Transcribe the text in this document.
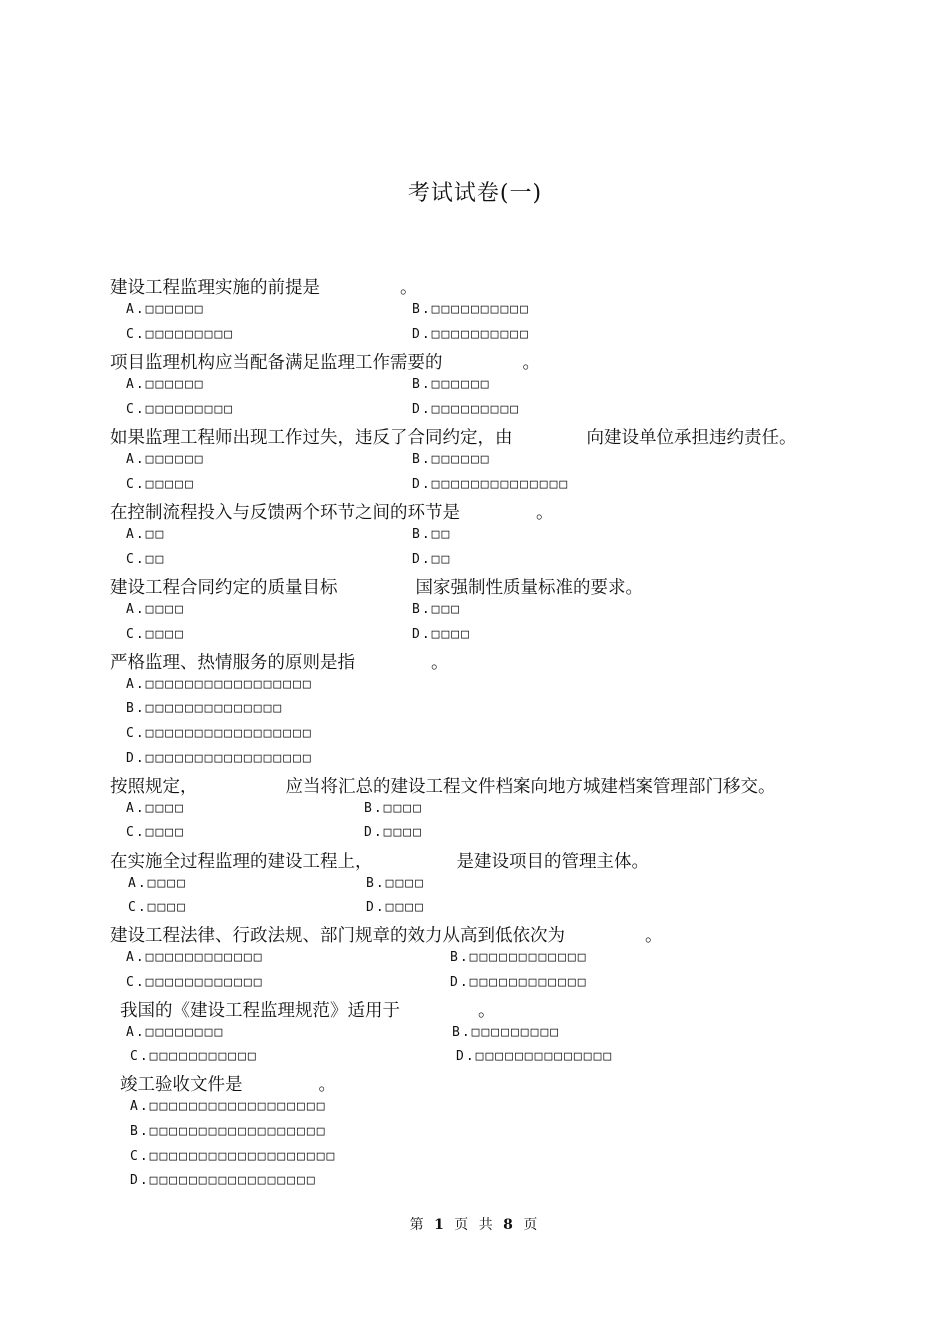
考试试卷(一)
建设工程监理实施的前提是	。
A.□□□□□□	B.□□□□□□□□□□
C.□□□□□□□□□	D.□□□□□□□□□□
项目监理机构应当配备满足监理工作需要的	。
A.□□□□□□	B.□□□□□□
C.□□□□□□□□□	D.□□□□□□□□□
如果监理工程师出现工作过失，违反了合同约定，由	向建设单位承担违约责任。
A.□□□□□□	B.□□□□□□
C.□□□□□	D.□□□□□□□□□□□□□□
在控制流程投入与反馈两个环节之间的环节是	。
A.□□	B.□□
C.□□	D.□□
建设工程合同约定的质量目标	国家强制性质量标准的要求。
A.□□□□	B.□□□
C.□□□□	D.□□□□
严格监理、热情服务的原则是指	。
A.□□□□□□□□□□□□□□□□□
B.□□□□□□□□□□□□□□
C.□□□□□□□□□□□□□□□□□
D.□□□□□□□□□□□□□□□□□
按照规定，	应当将汇总的建设工程文件档案向地方城建档案管理部门移交。
A.□□□□	B.□□□□
C.□□□□	D.□□□□
在实施全过程监理的建设工程上，	是建设项目的管理主体。
A.□□□□	B.□□□□
C.□□□□	D.□□□□
建设工程法律、行政法规、部门规章的效力从高到低依次为	。
A.□□□□□□□□□□□□	B.□□□□□□□□□□□□
C.□□□□□□□□□□□□	D.□□□□□□□□□□□□
我国的《建设工程监理规范》适用于	。
A.□□□□□□□□	B.□□□□□□□□□
C.□□□□□□□□□□□	D.□□□□□□□□□□□□□□
竣工验收文件是	。
A.□□□□□□□□□□□□□□□□□□
B.□□□□□□□□□□□□□□□□□□
C.□□□□□□□□□□□□□□□□□□□
D.□□□□□□□□□□□□□□□□□
第 1 页 共 8 页
